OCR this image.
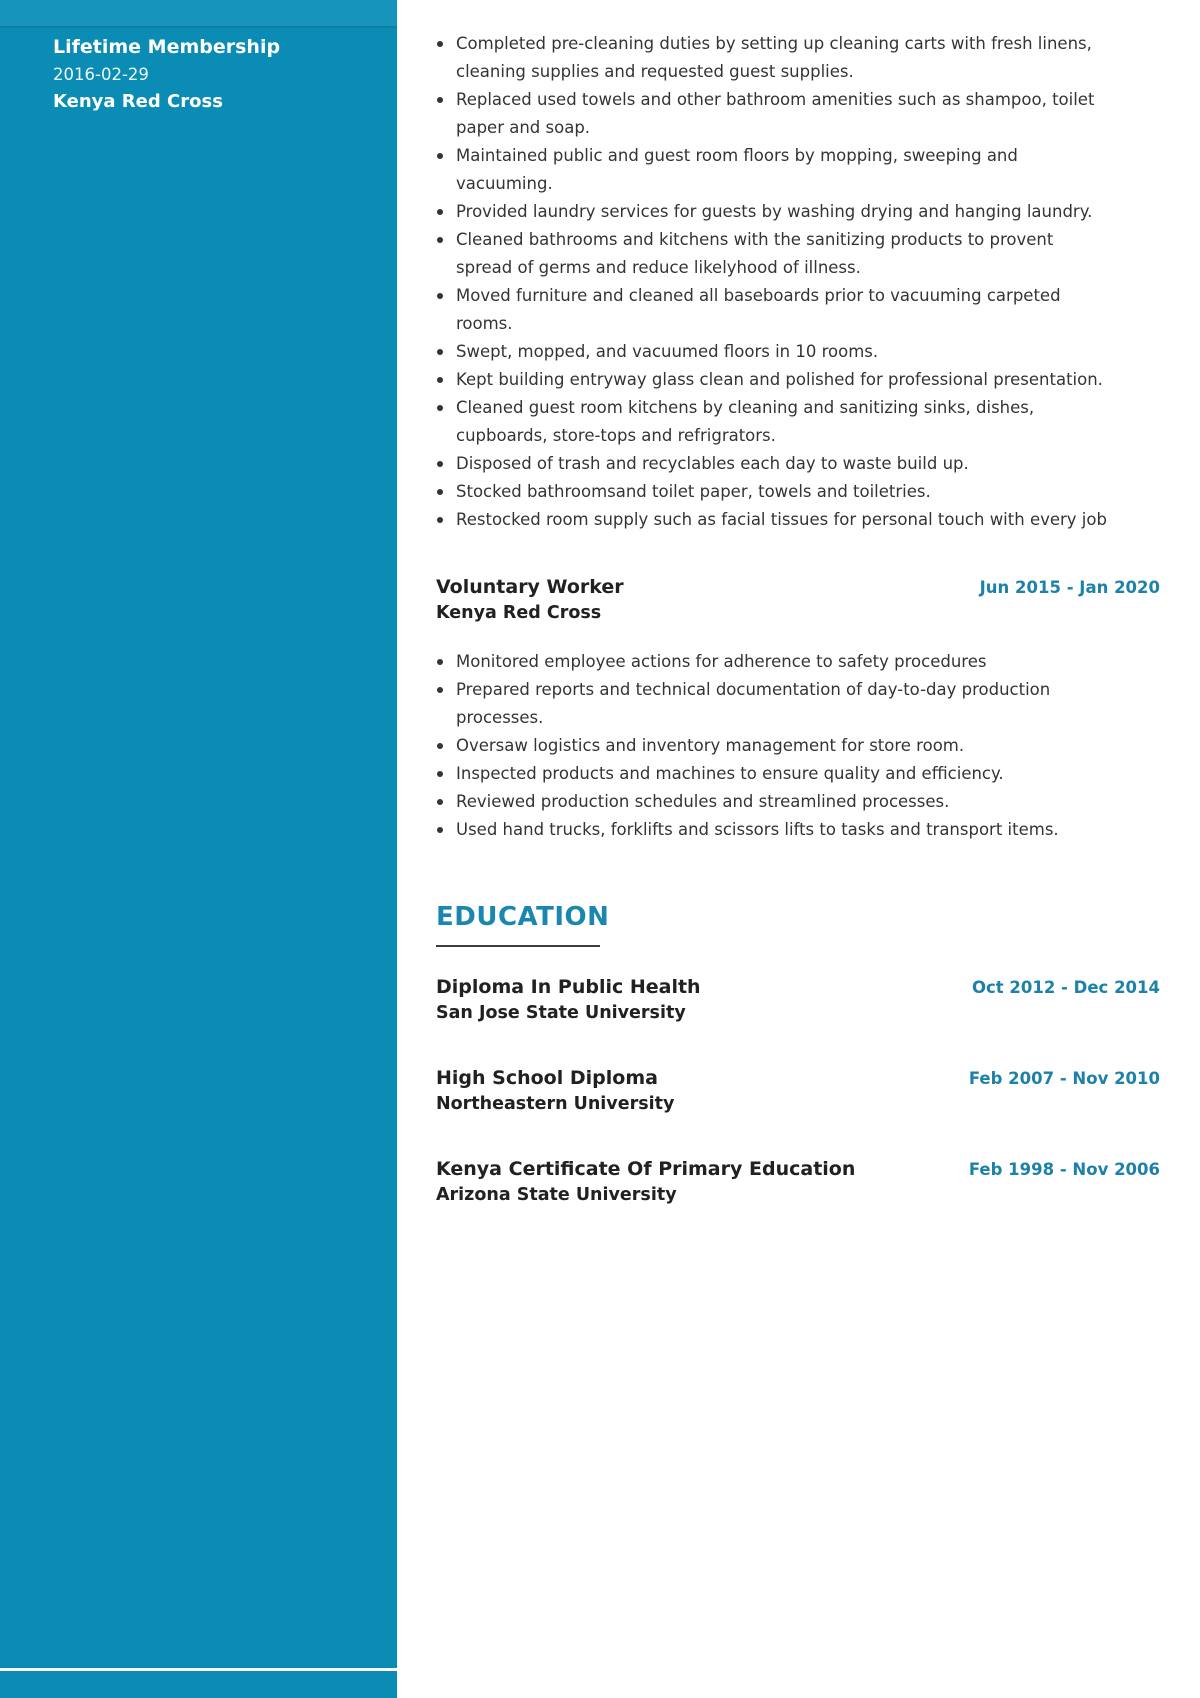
Lifetime Membership
2016-02-29
Kenya Red Cross
Completed pre-cleaning duties by setting up cleaning carts with fresh linens, cleaning supplies and requested guest supplies.
Replaced used towels and other bathroom amenities such as shampoo, toilet paper and soap.
Maintained public and guest room floors by mopping, sweeping and vacuuming.
Provided laundry services for guests by washing drying and hanging laundry.
Cleaned bathrooms and kitchens with the sanitizing products to provent spread of germs and reduce likelyhood of illness.
Moved furniture and cleaned all baseboards prior to vacuuming carpeted rooms.
Swept, mopped, and vacuumed floors in 10 rooms.
Kept building entryway glass clean and polished for professional presentation.
Cleaned guest room kitchens by cleaning and sanitizing sinks, dishes, cupboards, store-tops and refrigrators.
Disposed of trash and recyclables each day to waste build up.
Stocked bathroomsand toilet paper, towels and toiletries.
Restocked room supply such as facial tissues for personal touch with every job
Voluntary Worker	Jun 2015 - Jan 2020
Kenya Red Cross
Monitored employee actions for adherence to safety procedures
Prepared reports and technical documentation of day-to-day production processes.
Oversaw logistics and inventory management for store room.
Inspected products and machines to ensure quality and efficiency.
Reviewed production schedules and streamlined processes.
Used hand trucks, forklifts and scissors lifts to tasks and transport items.
EDUCATION
Diploma In Public Health	Oct 2012 - Dec 2014
San Jose State University
High School Diploma	Feb 2007 - Nov 2010
Northeastern University
Kenya Certificate Of Primary Education	Feb 1998 - Nov 2006
Arizona State University
